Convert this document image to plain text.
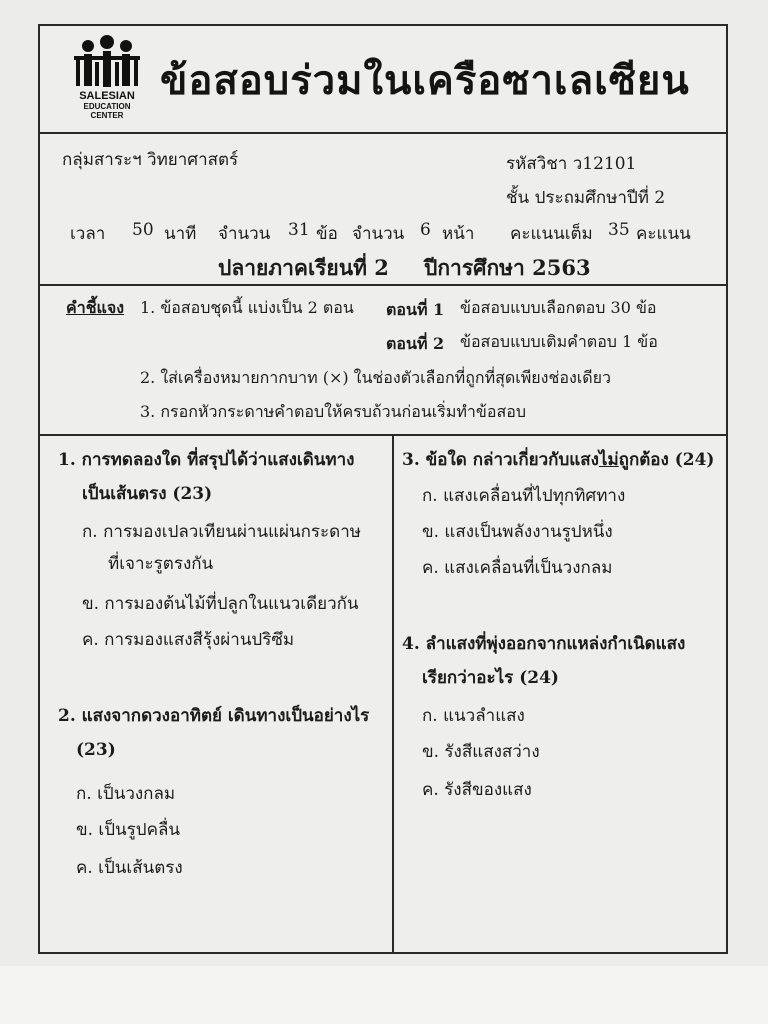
SALESIAN
EDUCATION
CENTER
ข้อสอบร่วมในเครือซาเลเซียน
กลุ่มสาระฯ วิทยาศาสตร์	รหัสวิชา ว12101
ชั้น ประถมศึกษาปีที่ 2
เวลา 50 นาที จำนวน 31 ข้อ จำนวน 6 หน้า คะแนนเต็ม 35 คะแนน
ปลายภาคเรียนที่ 2 ปีการศึกษา 2563
คำชี้แจง 1. ข้อสอบชุดนี้ แบ่งเป็น 2 ตอน ตอนที่ 1 ข้อสอบแบบเลือกตอบ 30 ข้อ
ตอนที่ 2 ข้อสอบแบบเติมคำตอบ 1 ข้อ
2. ใส่เครื่องหมายกากบาท (×) ในช่องตัวเลือกที่ถูกที่สุดเพียงช่องเดียว
3. กรอกหัวกระดาษคำตอบให้ครบถ้วนก่อนเริ่มทำข้อสอบ
1. การทดลองใด ที่สรุปได้ว่าแสงเดินทาง
เป็นเส้นตรง (23)
ก. การมองเปลวเทียนผ่านแผ่นกระดาษ
ที่เจาะรูตรงกัน
ข. การมองต้นไม้ที่ปลูกในแนวเดียวกัน
ค. การมองแสงสีรุ้งผ่านปริซึม
2. แสงจากดวงอาทิตย์ เดินทางเป็นอย่างไร
(23)
ก. เป็นวงกลม
ข. เป็นรูปคลื่น
ค. เป็นเส้นตรง
3. ข้อใด กล่าวเกี่ยวกับแสงไม่ถูกต้อง (24)
ก. แสงเคลื่อนที่ไปทุกทิศทาง
ข. แสงเป็นพลังงานรูปหนึ่ง
ค. แสงเคลื่อนที่เป็นวงกลม
4. ลำแสงที่พุ่งออกจากแหล่งกำเนิดแสง
เรียกว่าอะไร (24)
ก. แนวลำแสง
ข. รังสีแสงสว่าง
ค. รังสีของแสง
